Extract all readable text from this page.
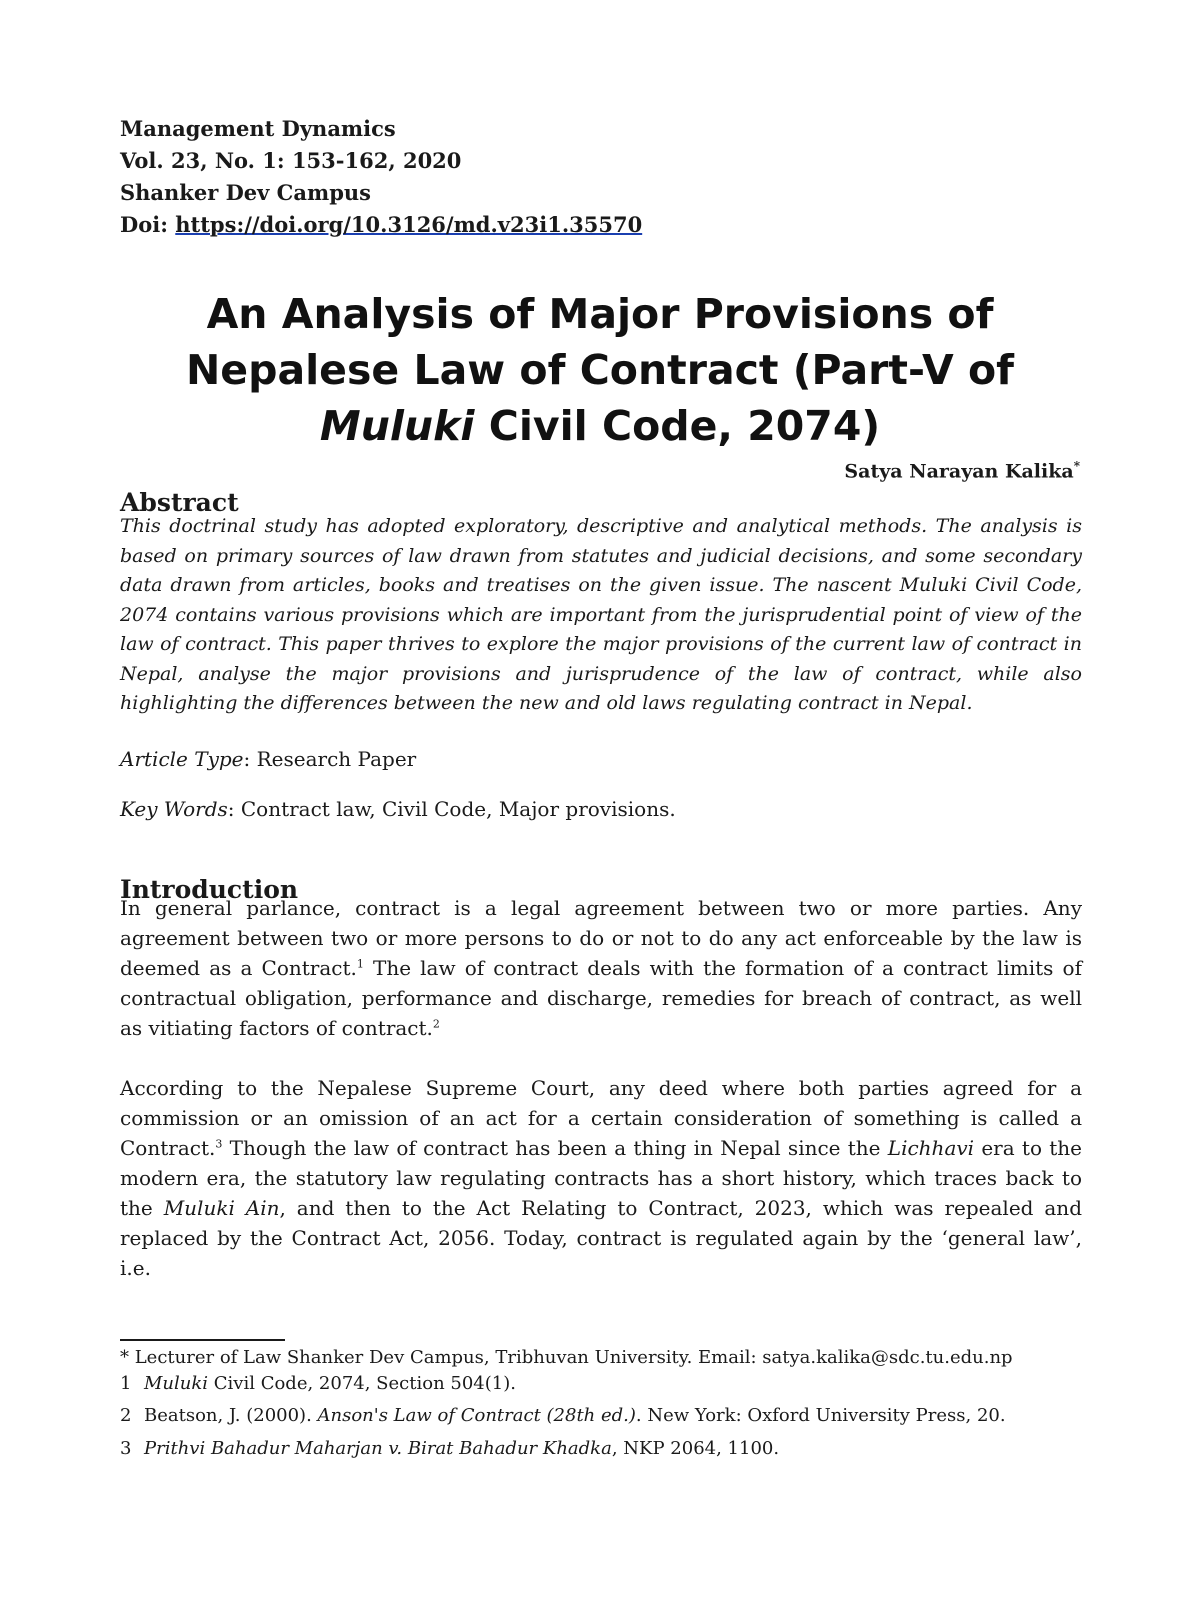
Management Dynamics
Vol. 23, No. 1: 153-162, 2020
Shanker Dev Campus
Doi: https://doi.org/10.3126/md.v23i1.35570
An Analysis of Major Provisions of
Nepalese Law of Contract (Part-V of
Muluki Civil Code, 2074)
Satya Narayan Kalika*
Abstract

This doctrinal study has adopted exploratory, descriptive and analytical methods. The analysis is based on primary sources of law drawn from statutes and judicial decisions, and some secondary data drawn from articles, books and treatises on the given issue. The nascent Muluki Civil Code, 2074 contains various provisions which are important from the jurisprudential point of view of the law of contract. This paper thrives to explore the major provisions of the current law of contract in Nepal, analyse the major provisions and jurisprudence of the law of contract, while also highlighting the differences between the new and old laws regulating contract in Nepal.

Article Type: Research Paper

Key Words: Contract law, Civil Code, Major provisions.

Introduction

In general parlance, contract is a legal agreement between two or more parties. Any agreement between two or more persons to do or not to do any act enforceable by the law is deemed as a Contract.$^1$ The law of contract deals with the formation of a contract limits of contractual obligation, performance and discharge, remedies for breach of contract, as well as vitiating factors of contract.$^2$

According to the Nepalese Supreme Court, any deed where both parties agreed for a commission or an omission of an act for a certain consideration of something is called a Contract.$^3$ Though the law of contract has been a thing in Nepal since the Lichhavi era to the modern era, the statutory law regulating contracts has a short history, which traces back to the Muluki Ain, and then to the Act Relating to Contract, 2023, which was repealed and replaced by the Contract Act, 2056. Today, contract is regulated again by the ‘general law’, i.e.

* Lecturer of Law Shanker Dev Campus, Tribhuvan University. Email: satya.kalika@sdc.tu.edu.np

1 Muluki Civil Code, 2074, Section 504(1).

2 Beatson, J. (2000). Anson's Law of Contract (28th ed.). New York: Oxford University Press, 20.

3 Prithvi Bahadur Maharjan v. Birat Bahadur Khadka, NKP 2064, 1100.
